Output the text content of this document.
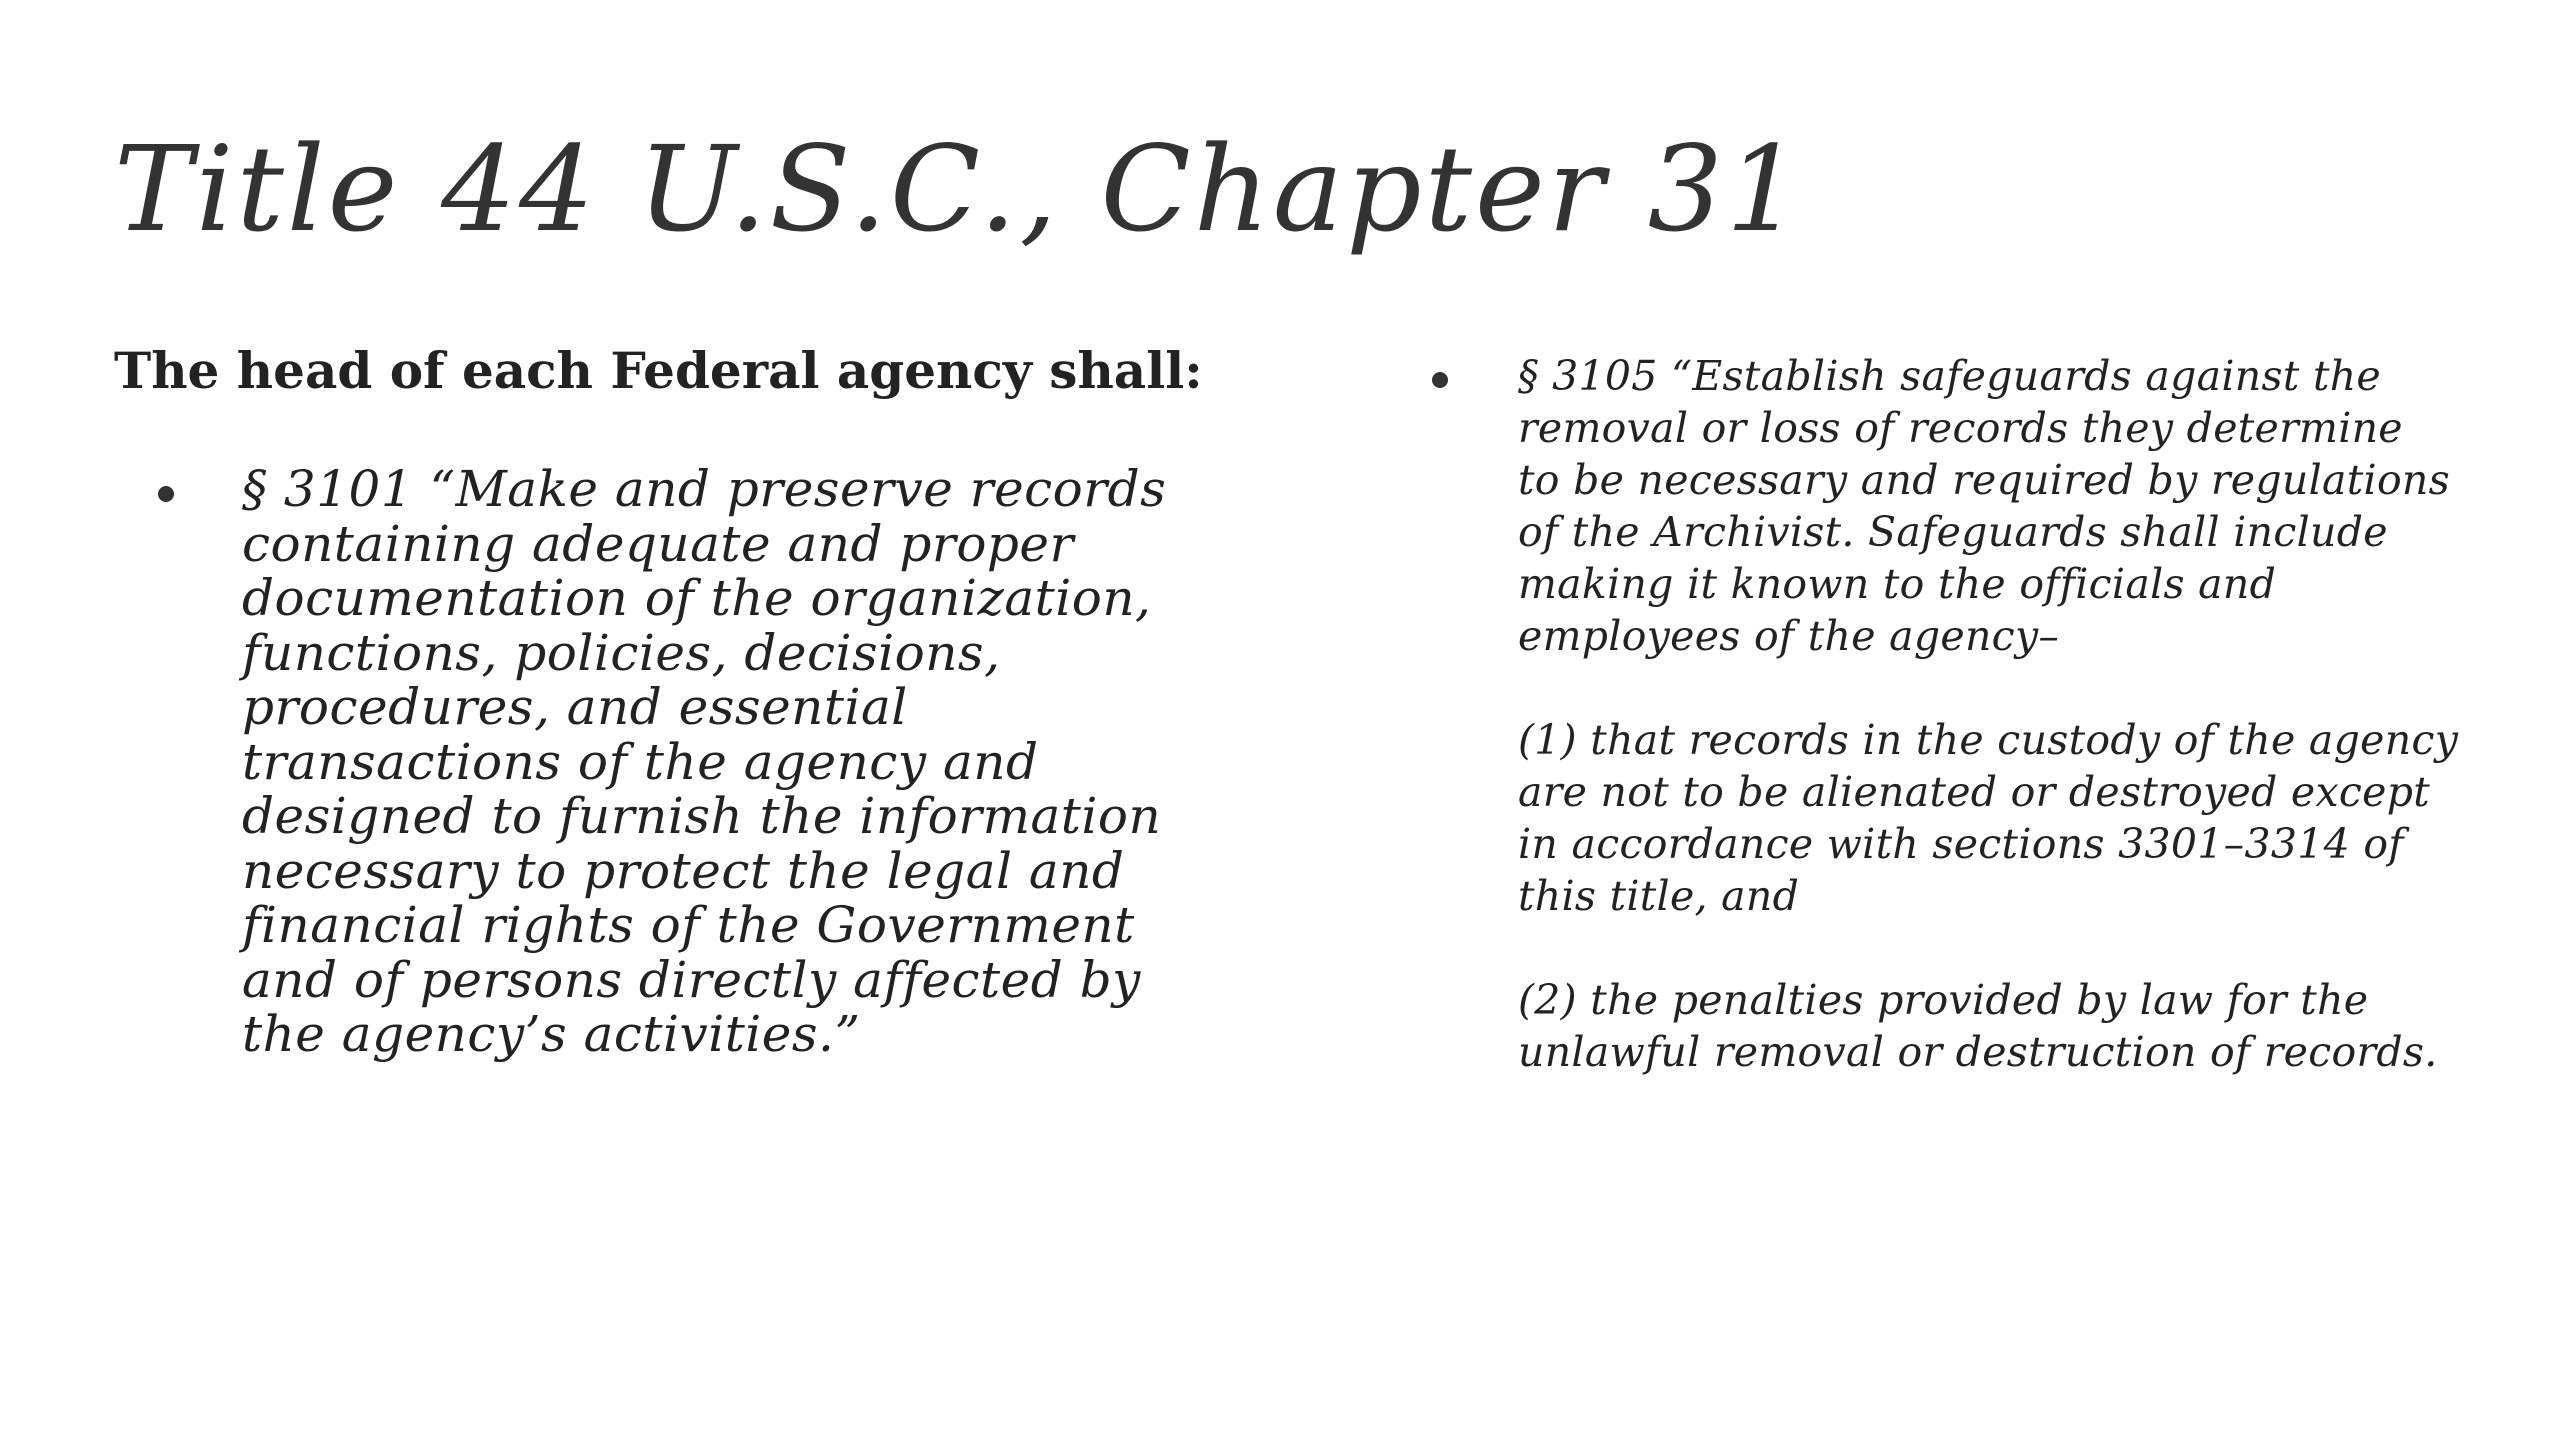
Title 44 U.S.C., Chapter 31

The head of each Federal agency shall:

§ 3101 “Make and preserve records
containing adequate and proper
documentation of the organization,
functions, policies, decisions,
procedures, and essential
transactions of the agency and
designed to furnish the information
necessary to protect the legal and
financial rights of the Government
and of persons directly affected by
the agency’s activities.”

§ 3105 “Establish safeguards against the
removal or loss of records they determine
to be necessary and required by regulations
of the Archivist. Safeguards shall include
making it known to the officials and
employees of the agency–

(1) that records in the custody of the agency
are not to be alienated or destroyed except
in accordance with sections 3301–3314 of
this title, and

(2) the penalties provided by law for the
unlawful removal or destruction of records.
